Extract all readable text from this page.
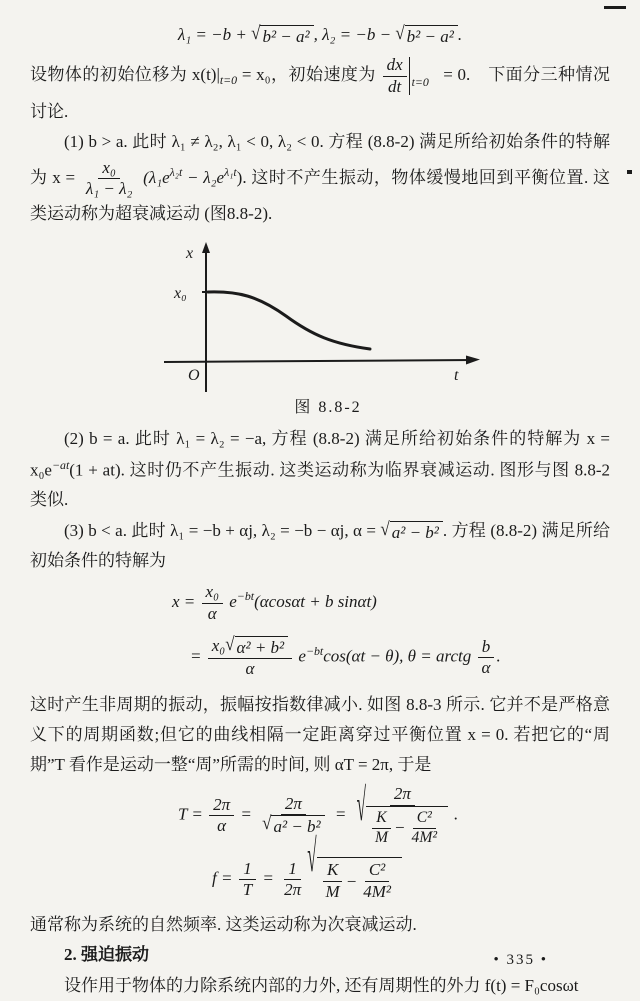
λ₁ = −b + √ b² − a² , λ₂ = −b − √ b² − a² .

设物体的初始位移为 $x(t)|_{t=0} = x_0$，初始速度为 $\frac{dx}{dt} t=0 = 0$.　下面分三种情况讨论.

(1) b > a. 此时 λ₁ ≠ λ₂, λ₁ < 0, λ₂ < 0. 方程 (8.8-2) 满足所给初始条件的特解为 $x = \frac{\text{x₀}}{\text{λ₁ − λ₂}} (\lambda_1e^{\lambda_2t} - \lambda_2e^{\lambda_1t})$. 这时不产生振动，物体缓慢地回到平衡位置. 这类运动称为超衰减运动 (图8.8-2).

x
x₀
O	t
图 8.8-2

(2) b = a. 此时 λ₁ = λ₂ = −a, 方程 (8.8-2) 满足所给初始条件的特解为 $x = x_0e^{-at}(1 + at)$. 这时仍不产生振动. 这类运动称为临界衰减运动. 图形与图 8.8-2 类似.

(3) b < a. 此时 λ₁ = −b + αj, λ₂ = −b − αj, α = √ a² − b² . 方程 (8.8-2) 满足所给初始条件的特解为

$x = \frac{\text{x₀}}{\alpha} e^{-bt}(\alpha\cos\alpha t + b$ sinαt)
= $\frac{\text{x₀ √ α² + b²}}{\alpha} e^{-bt}\cos(\alpha t - \theta)$, θ = arctg $\frac{b}{\alpha}$ .

这时产生非周期的振动，振幅按指数律减小. 如图 8.8-3 所示. 它并不是严格意义下的周期函数;但它的曲线相隔一定距离穿过平衡位置 x = 0. 若把它的“周期”T 看作是运动一整“周”所需的时间, 则 αT = 2π, 于是

$T = \frac{2\pi}{\alpha} = \frac{2\pi}{\text{√ a² − b²}} = \frac{2\pi}{√ \frac{K}{M} - \frac{\text{C²}}{\text{4M²}}}$ .
$f = \frac{1}{T} = \frac{1}{2\pi}$ √ $\frac{K}{M} - \frac{\text{C²}}{\text{4M²}}$

通常称为系统的自然频率. 这类运动称为次衰减运动.

2. 强迫振动

设作用于物体的力除系统内部的力外, 还有周期性的外力 f(t) = F₀cosωt

• 335 •
